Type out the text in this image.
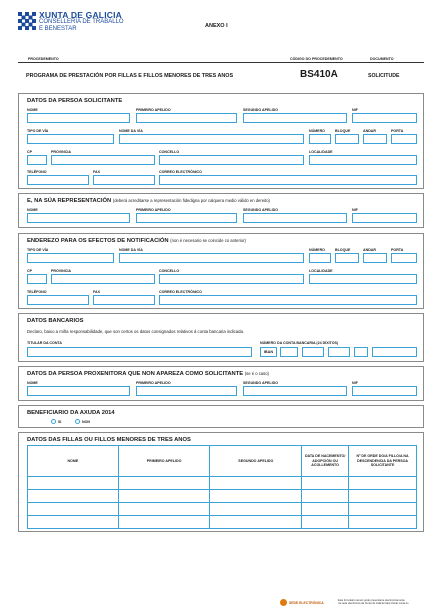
XUNTA DE GALICIA
CONSELLERÍA DE TRABALLO
E BENESTAR	ANEXO I
PROCEDEMENTO	CÓDIGO DO PROCEDEMENTO	DOCUMENTO
PROGRAMA DE PRESTACIÓN POR FILLAS E FILLOS MENORES DE TRES ANOS	BS410A	SOLICITUDE
DATOS DA PERSOA SOLICITANTE
NOME	PRIMEIRO APELIDO	SEGUNDO APELIDO	NIF
TIPO DE VÍA	NOME DA VÍA	NÚMERO	BLOQUE	ANDAR	PORTA
CP	PROVINCIA	CONCELLO	LOCALIDADE
TELÉFONO	FAX	CORREO ELECTRÓNICO
E, NA SÚA REPRESENTACIÓN (deberá acreditarse a representación fidedigna por calquera medio válido en dereito)
NOME	PRIMEIRO APELIDO	SEGUNDO APELIDO	NIF
ENDEREZO PARA OS EFECTOS DE NOTIFICACIÓN (non é necesario se coincide co anterior)
TIPO DE VÍA	NOME DA VÍA	NÚMERO	BLOQUE	ANDAR	PORTA
CP	PROVINCIA	CONCELLO	LOCALIDADE
TELÉFONO	FAX	CORREO ELECTRÓNICO
DATOS BANCARIOS
Declaro, baixo a miña responsabilidade, que son certos os datos consignados relativos á conta bancaria indicada.
TITULAR DA CONTA	NÚMERO DA CONTA BANCARIA (24 DÍXITOS)
IBAN
DATOS DA PERSOA PROXENITORA QUE NON APAREZA COMO SOLICITANTE (se é o caso)
NOME	PRIMEIRO APELIDO	SEGUNDO APELIDO	NIF
BENEFICIARIO DA AXUDA 2014
SI	NON
DATOS DAS FILLAS OU FILLOS MENORES DE TRES ANOS
NOME	PRIMEIRO APELIDO	SEGUNDO APELIDO	DATA DE NACEMENTO/ ADOPCIÓN OU ACOLLEMENTO	Nº DE ORDE DO/A FILLO/A NA DESCENDENCIA DA PERSOA SOLICITANTE

SEDE ELECTRÓNICA
Este formulario tamén pode presentarse electronicamente
na sede electrónica da Xunta de Galicia https://sede.xunta.es
